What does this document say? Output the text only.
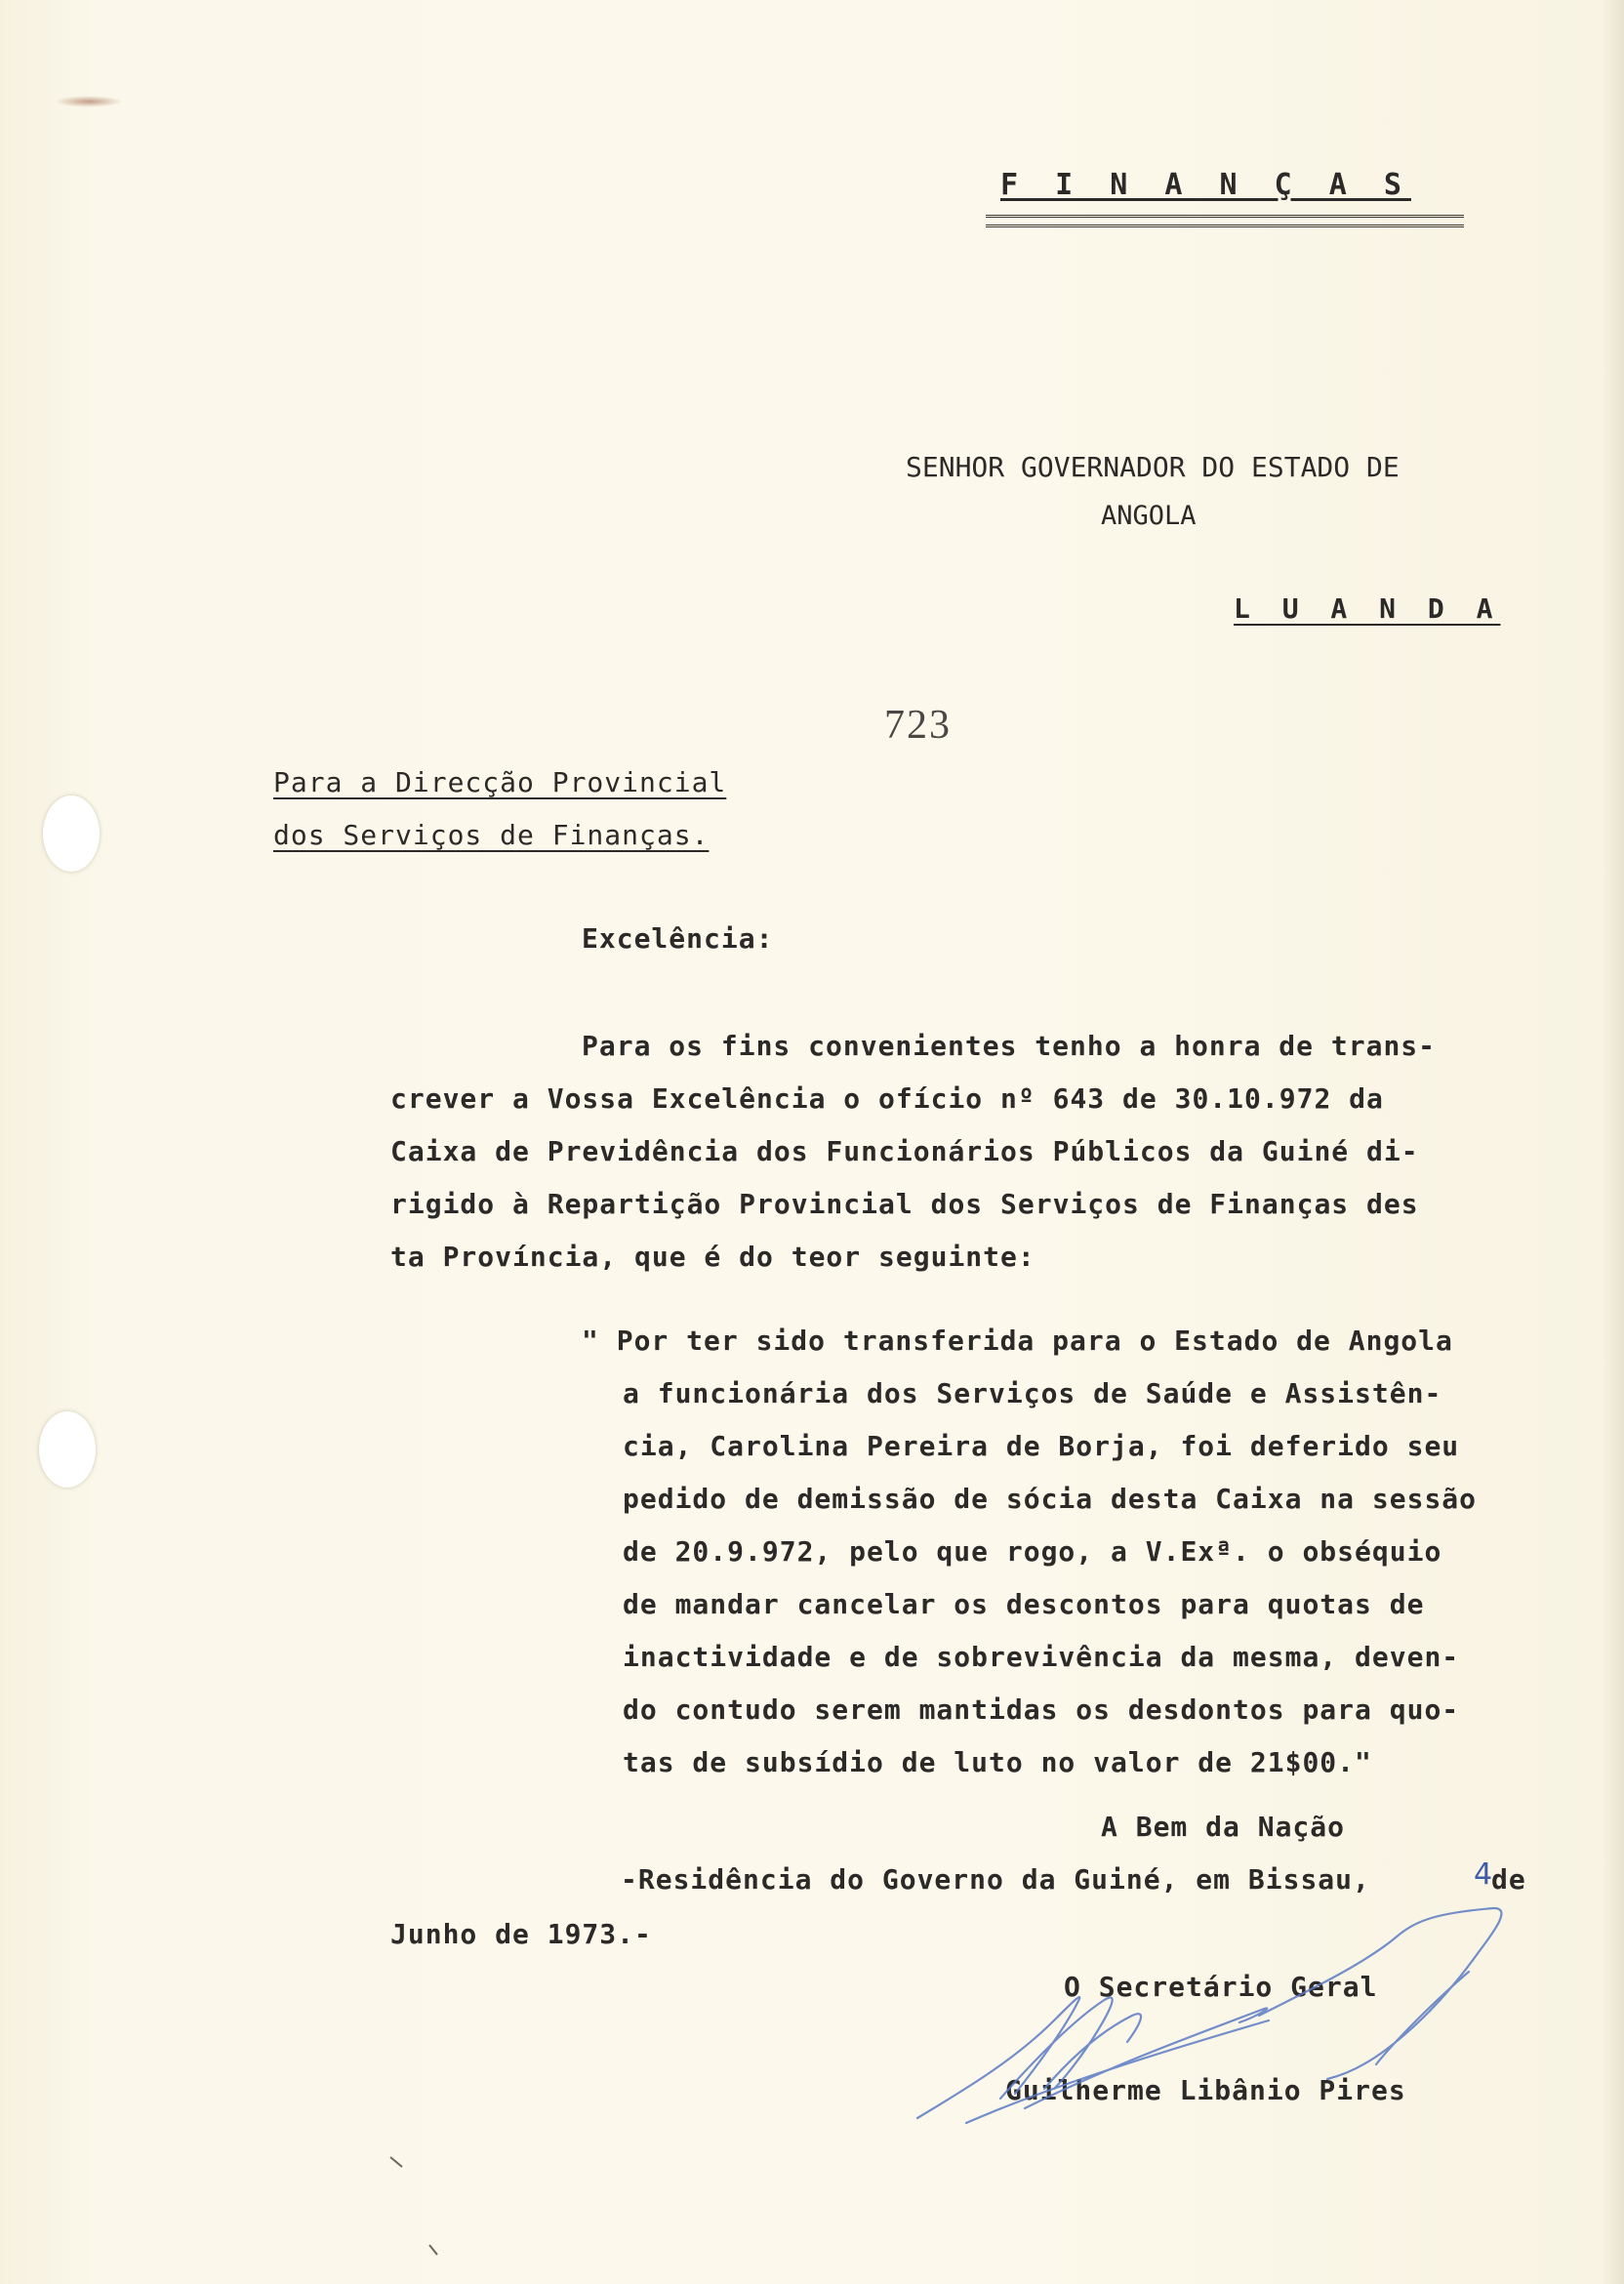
F I N A N Ç A S
SENHOR GOVERNADOR DO ESTADO DE
ANGOLA
L U A N D A
723
Para a Direcção Provincial
dos Serviços de Finanças.
Excelência:
Para os fins convenientes tenho a honra de trans-
crever a Vossa Excelência o ofício nº 643 de 30.10.972 da
Caixa de Previdência dos Funcionários Públicos da Guiné di-
rigido à Repartição Provincial dos Serviços de Finanças des
ta Província, que é do teor seguinte:
" Por ter sido transferida para o Estado de Angola
a funcionária dos Serviços de Saúde e Assistên-
cia, Carolina Pereira de Borja, foi deferido seu
pedido de demissão de sócia desta Caixa na sessão
de 20.9.972, pelo que rogo, a V.Exª. o obséquio
de mandar cancelar os descontos para quotas de
inactividade e de sobrevivência da mesma, deven-
do contudo serem mantidas os desdontos para quo-
tas de subsídio de luto no valor de 21$00."
A Bem da Nação
-Residência do Governo da Guiné, em Bissau,	4
de
Junho de 1973.-
O Secretário Geral
Guilherme Libânio Pires
